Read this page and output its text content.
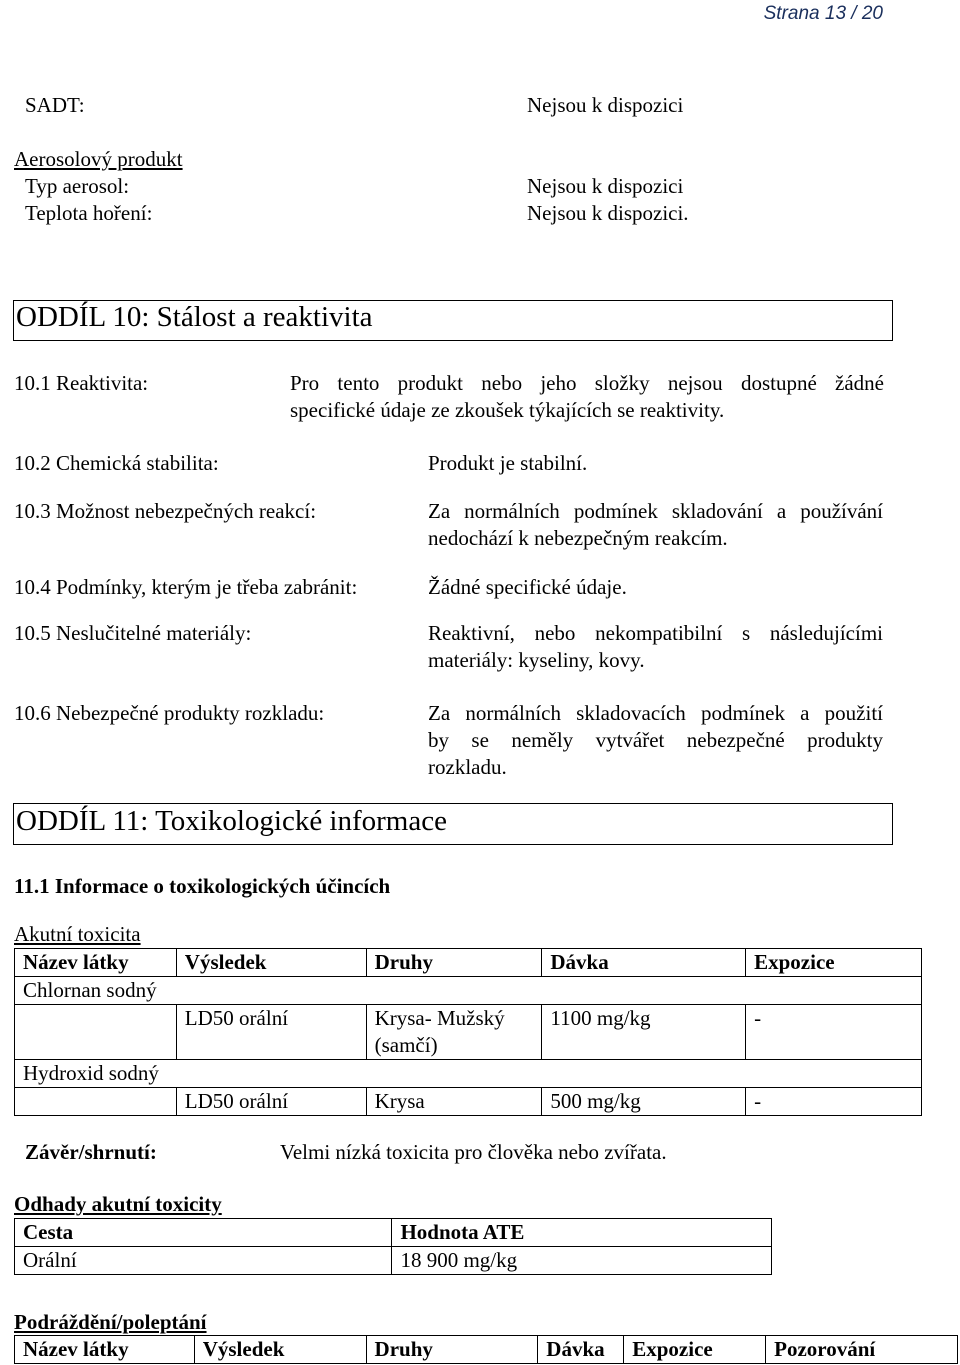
Strana 13 / 20
SADT:	Nejsou k dispozici
Aerosolový produkt
Typ aerosol:	Nejsou k dispozici
Teplota hoření:	Nejsou k dispozici.
ODDÍL 10: Stálost a reaktivita
10.1 Reaktivita:	Pro tento produkt nebo jeho složky nejsou dostupné žádné
specifické údaje ze zkoušek týkajících se reaktivity.
10.2 Chemická stabilita:	Produkt je stabilní.
10.3 Možnost nebezpečných reakcí:	Za normálních podmínek skladování a používání
nedochází k nebezpečným reakcím.
10.4 Podmínky, kterým je třeba zabránit:	Žádné specifické údaje.
10.5 Neslučitelné materiály:	Reaktivní, nebo nekompatibilní s následujícími
materiály: kyseliny, kovy.
10.6 Nebezpečné produkty rozkladu:	Za normálních skladovacích podmínek a použití
by se neměly vytvářet nebezpečné produkty
rozkladu.
ODDÍL 11: Toxikologické informace
11.1 Informace o toxikologických účincích
Akutní toxicita
Název látky	Výsledek	Druhy	Dávka	Expozice
Chlornan sodný				
	LD50 orální	Krysa- Mužský (samčí)	1100 mg/kg	-
Hydroxid sodný				
	LD50 orální	Krysa	500 mg/kg	-
Závěr/shrnutí:	Velmi nízká toxicita pro člověka nebo zvířata.
Odhady akutní toxicity
Cesta	Hodnota ATE
Orální	18 900 mg/kg
Podráždění/poleptání
Název látky	Výsledek	Druhy	Dávka	Expozice	Pozorování
